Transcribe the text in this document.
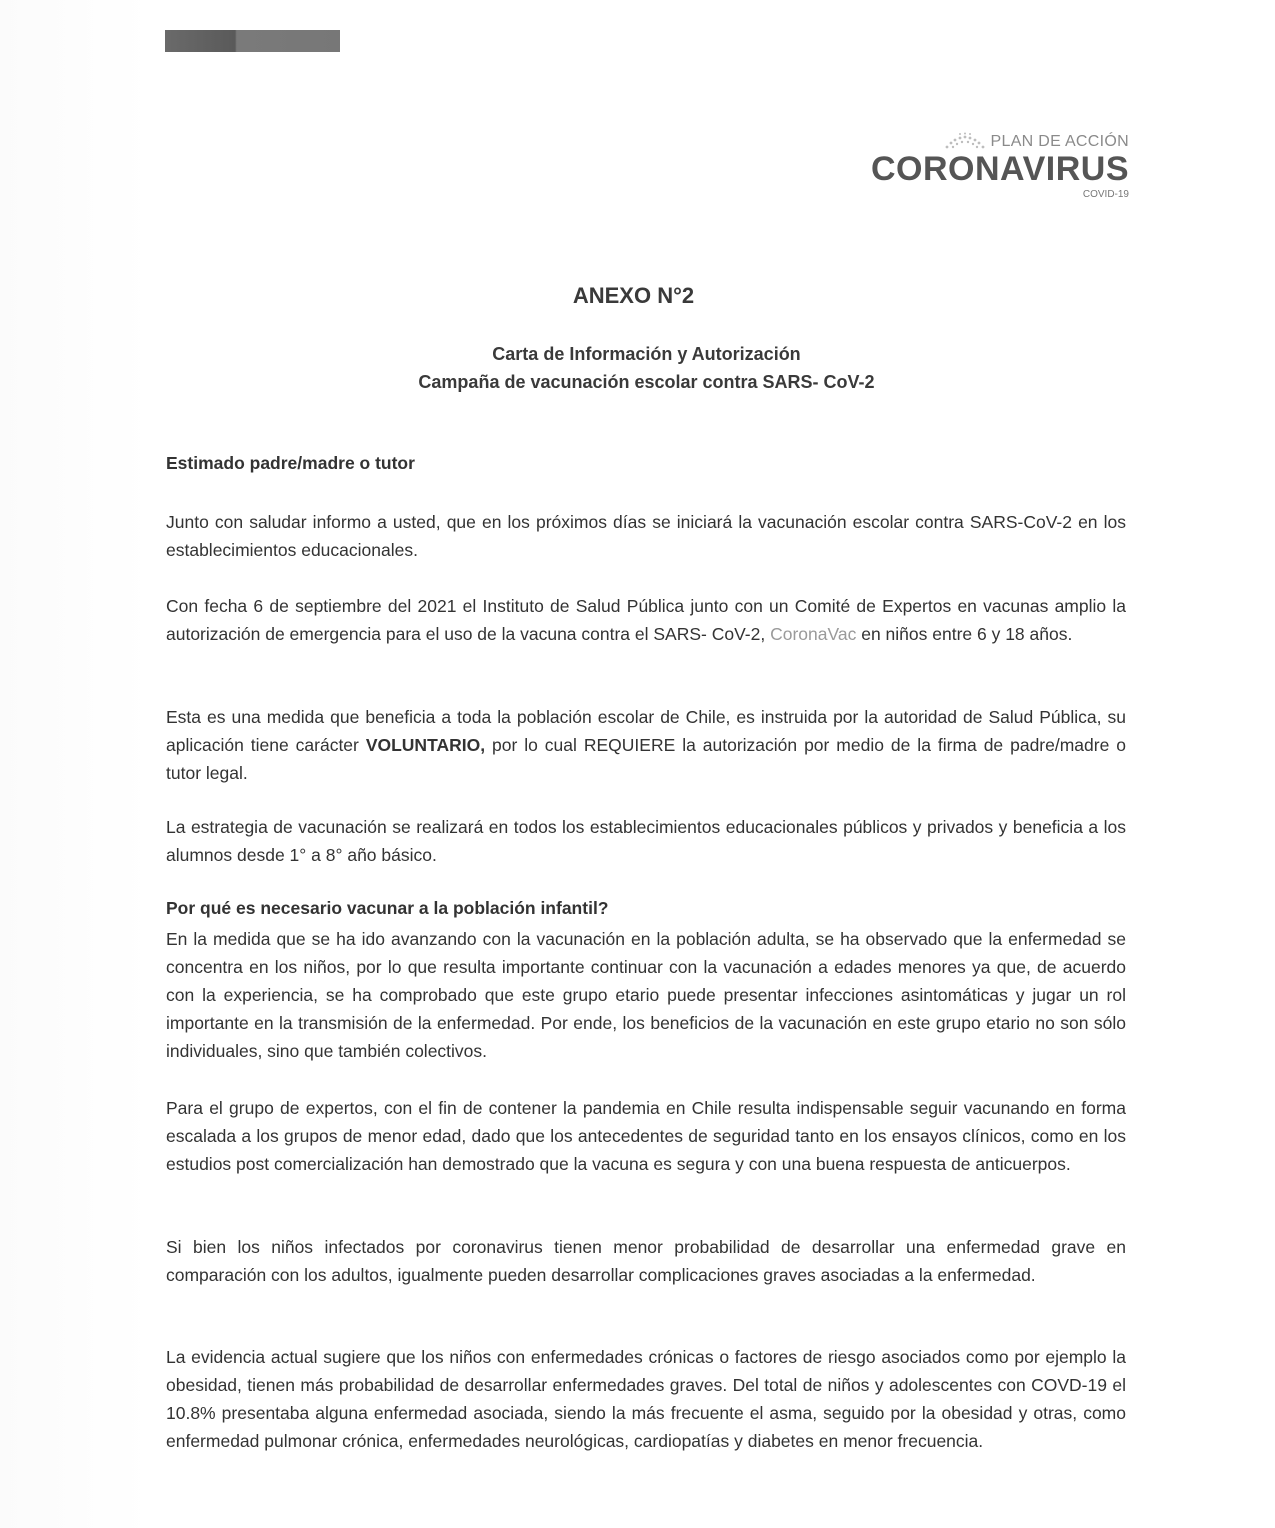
PLAN DE ACCIÓN
CORONAVIRUS
COVID-19
ANEXO N°2
Carta de Información y Autorización
Campaña de vacunación escolar contra SARS- CoV-2
Estimado padre/madre o tutor
Junto con saludar informo a usted, que en los próximos días se iniciará la vacunación escolar contra SARS-CoV-2 en los establecimientos educacionales.
Con fecha 6 de septiembre del 2021 el Instituto de Salud Pública junto con un Comité de Expertos en vacunas amplio la autorización de emergencia para el uso de la vacuna contra el SARS- CoV-2, CoronaVac en niños entre 6 y 18 años.
Esta es una medida que beneficia a toda la población escolar de Chile, es instruida por la autoridad de Salud Pública, su aplicación tiene carácter VOLUNTARIO, por lo cual REQUIERE la autorización por medio de la firma de padre/madre o tutor legal.
La estrategia de vacunación se realizará en todos los establecimientos educacionales públicos y privados y beneficia a los alumnos desde 1° a 8° año básico.
Por qué es necesario vacunar a la población infantil?
En la medida que se ha ido avanzando con la vacunación en la población adulta, se ha observado que la enfermedad se concentra en los niños, por lo que resulta importante continuar con la vacunación a edades menores ya que, de acuerdo con la experiencia, se ha comprobado que este grupo etario puede presentar infecciones asintomáticas y jugar un rol importante en la transmisión de la enfermedad. Por ende, los beneficios de la vacunación en este grupo etario no son sólo individuales, sino que también colectivos.
Para el grupo de expertos, con el fin de contener la pandemia en Chile resulta indispensable seguir vacunando en forma escalada a los grupos de menor edad, dado que los antecedentes de seguridad tanto en los ensayos clínicos, como en los estudios post comercialización han demostrado que la vacuna es segura y con una buena respuesta de anticuerpos.
Si bien los niños infectados por coronavirus tienen menor probabilidad de desarrollar una enfermedad grave en comparación con los adultos, igualmente pueden desarrollar complicaciones graves asociadas a la enfermedad.
La evidencia actual sugiere que los niños con enfermedades crónicas o factores de riesgo asociados como por ejemplo la obesidad, tienen más probabilidad de desarrollar enfermedades graves. Del total de niños y adolescentes con COVD-19 el 10.8% presentaba alguna enfermedad asociada, siendo la más frecuente el asma, seguido por la obesidad y otras, como enfermedad pulmonar crónica, enfermedades neurológicas, cardiopatías y diabetes en menor frecuencia.
